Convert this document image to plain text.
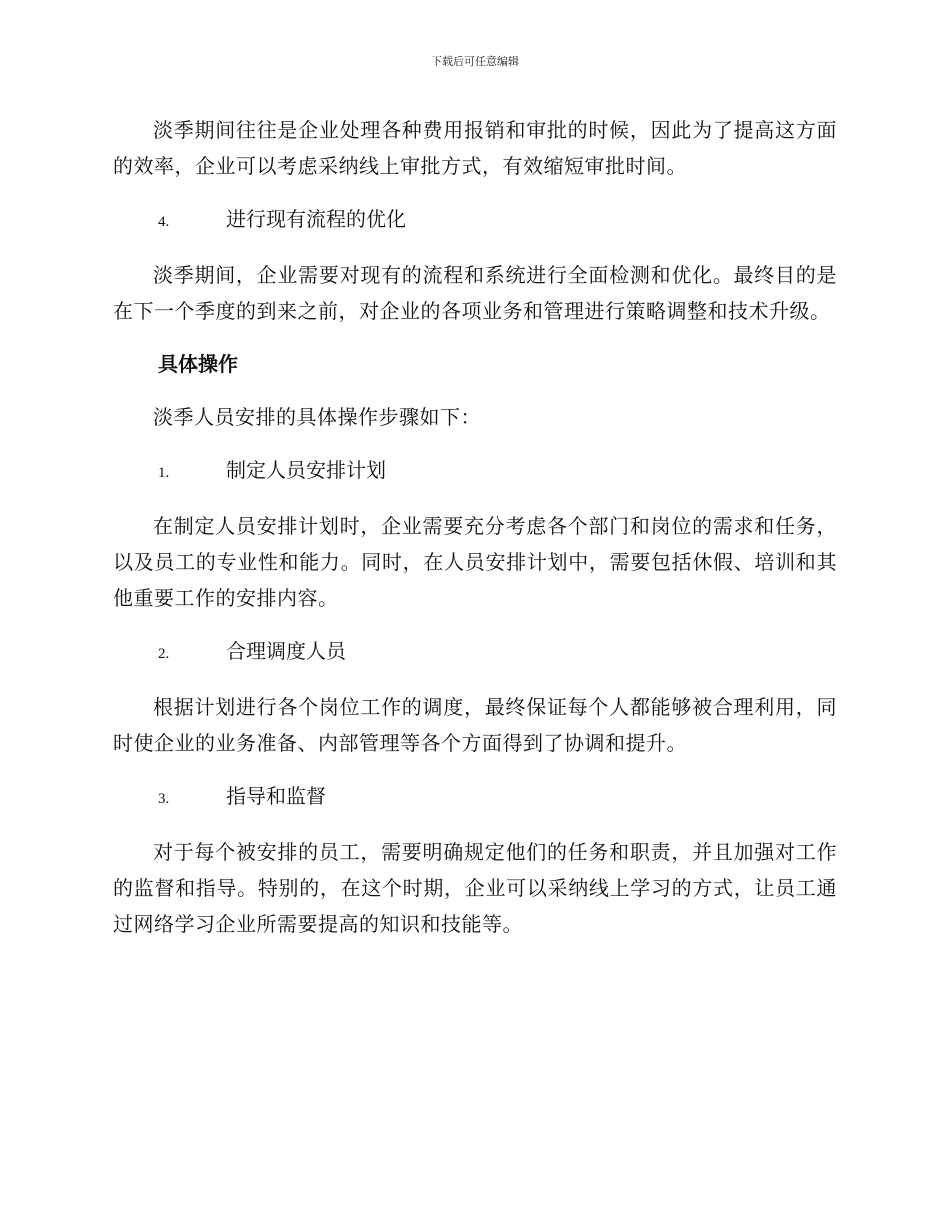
下载后可任意编辑

淡季期间往往是企业处理各种费用报销和审批的时候，因此为了提高这方面的效率，企业可以考虑采纳线上审批方式，有效缩短审批时间。

4.	进行现有流程的优化

淡季期间，企业需要对现有的流程和系统进行全面检测和优化。最终目的是在下一个季度的到来之前，对企业的各项业务和管理进行策略调整和技术升级。

具体操作

淡季人员安排的具体操作步骤如下：

1.	制定人员安排计划

在制定人员安排计划时，企业需要充分考虑各个部门和岗位的需求和任务，以及员工的专业性和能力。同时，在人员安排计划中，需要包括休假、培训和其他重要工作的安排内容。

2.	合理调度人员

根据计划进行各个岗位工作的调度，最终保证每个人都能够被合理利用，同时使企业的业务准备、内部管理等各个方面得到了协调和提升。

3.	指导和监督

对于每个被安排的员工，需要明确规定他们的任务和职责，并且加强对工作的监督和指导。特别的，在这个时期，企业可以采纳线上学习的方式，让员工通过网络学习企业所需要提高的知识和技能等。
